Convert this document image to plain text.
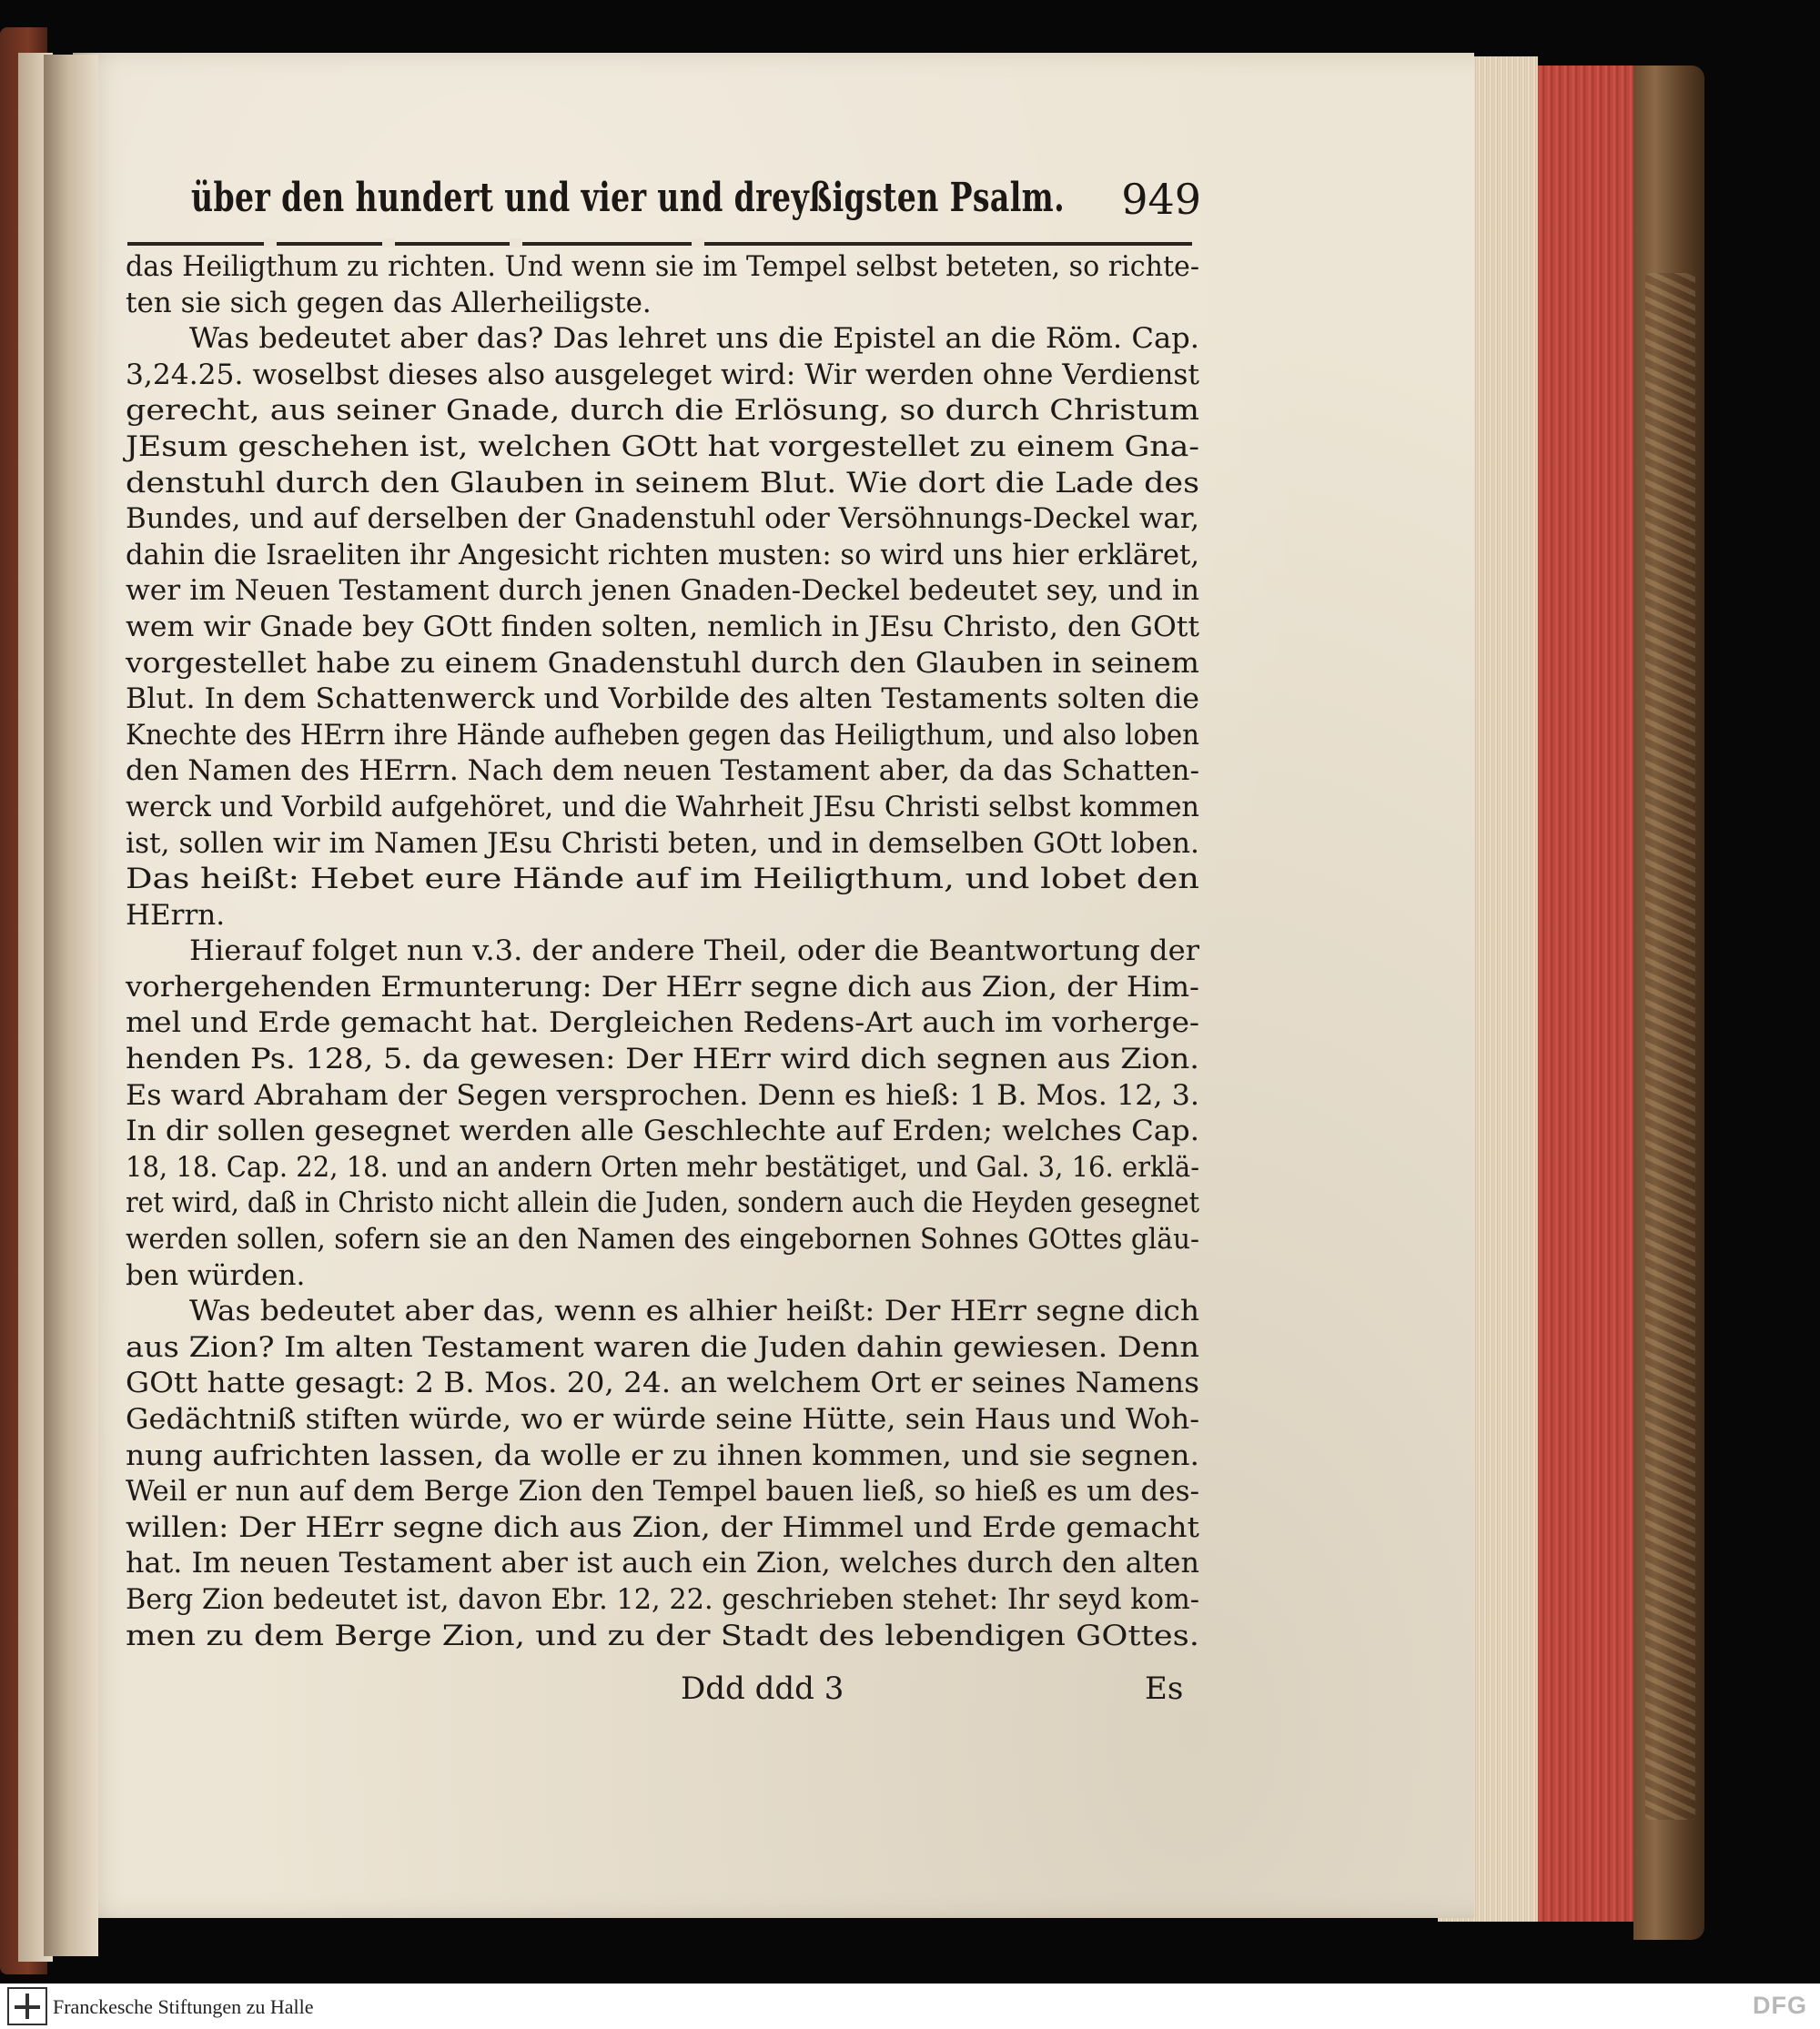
über den hundert und vier und dreyßigsten Psalm. 949
das Heiligthum zu richten. Und wenn sie im Tempel selbst beteten, so richte-
ten sie sich gegen das Allerheiligste.
Was bedeutet aber das? Das lehret uns die Epistel an die Röm. Cap.
3,24.25. woselbst dieses also ausgeleget wird: Wir werden ohne Verdienst
gerecht, aus seiner Gnade, durch die Erlösung, so durch Christum
JEsum geschehen ist, welchen GOtt hat vorgestellet zu einem Gna-
denstuhl durch den Glauben in seinem Blut. Wie dort die Lade des
Bundes, und auf derselben der Gnadenstuhl oder Versöhnungs-Deckel war,
dahin die Israeliten ihr Angesicht richten musten: so wird uns hier erkläret,
wer im Neuen Testament durch jenen Gnaden-Deckel bedeutet sey, und in
wem wir Gnade bey GOtt finden solten, nemlich in JEsu Christo, den GOtt
vorgestellet habe zu einem Gnadenstuhl durch den Glauben in seinem
Blut. In dem Schattenwerck und Vorbilde des alten Testaments solten die
Knechte des HErrn ihre Hände aufheben gegen das Heiligthum, und also loben
den Namen des HErrn. Nach dem neuen Testament aber, da das Schatten-
werck und Vorbild aufgehöret, und die Wahrheit JEsu Christi selbst kommen
ist, sollen wir im Namen JEsu Christi beten, und in demselben GOtt loben.
Das heißt: Hebet eure Hände auf im Heiligthum, und lobet den
HErrn.
Hierauf folget nun v.3. der andere Theil, oder die Beantwortung der
vorhergehenden Ermunterung: Der HErr segne dich aus Zion, der Him-
mel und Erde gemacht hat. Dergleichen Redens-Art auch im vorherge-
henden Ps. 128, 5. da gewesen: Der HErr wird dich segnen aus Zion.
Es ward Abraham der Segen versprochen. Denn es hieß: 1 B. Mos. 12, 3.
In dir sollen gesegnet werden alle Geschlechte auf Erden; welches Cap.
18, 18. Cap. 22, 18. und an andern Orten mehr bestätiget, und Gal. 3, 16. erklä-
ret wird, daß in Christo nicht allein die Juden, sondern auch die Heyden gesegnet
werden sollen, sofern sie an den Namen des eingebornen Sohnes GOttes gläu-
ben würden.
Was bedeutet aber das, wenn es alhier heißt: Der HErr segne dich
aus Zion? Im alten Testament waren die Juden dahin gewiesen. Denn
GOtt hatte gesagt: 2 B. Mos. 20, 24. an welchem Ort er seines Namens
Gedächtniß stiften würde, wo er würde seine Hütte, sein Haus und Woh-
nung aufrichten lassen, da wolle er zu ihnen kommen, und sie segnen.
Weil er nun auf dem Berge Zion den Tempel bauen ließ, so hieß es um des-
willen: Der HErr segne dich aus Zion, der Himmel und Erde gemacht
hat. Im neuen Testament aber ist auch ein Zion, welches durch den alten
Berg Zion bedeutet ist, davon Ebr. 12, 22. geschrieben stehet: Ihr seyd kom-
men zu dem Berge Zion, und zu der Stadt des lebendigen GOttes.
Ddd ddd 3	Es
Franckesche Stiftungen zu Halle	DFG
